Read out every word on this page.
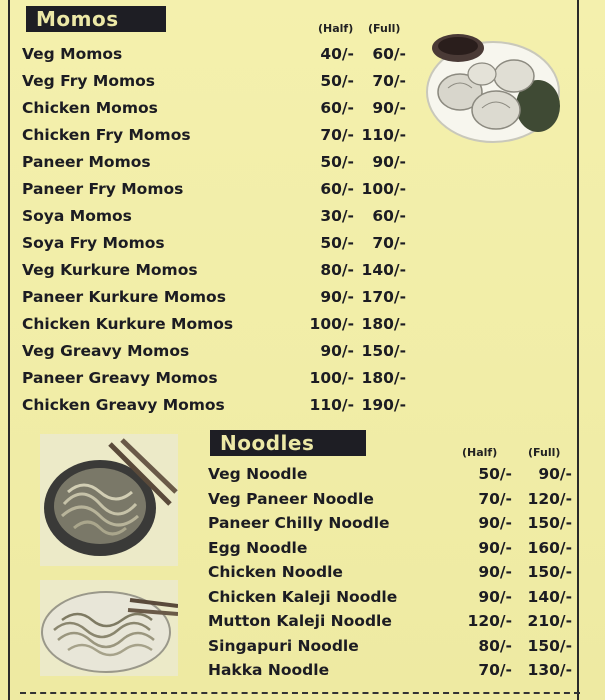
Momos	(Half) (Full)
Veg Momos	40/- 60/-
Veg Fry Momos	50/- 70/-
Chicken Momos	60/- 90/-
Chicken Fry Momos	70/- 110/-
Paneer Momos	50/- 90/-
Paneer Fry Momos	60/- 100/-
Soya Momos	30/- 60/-
Soya Fry Momos	50/- 70/-
Veg Kurkure Momos	80/- 140/-
Paneer Kurkure Momos	90/- 170/-
Chicken Kurkure Momos	100/- 180/-
Veg Greavy Momos	90/- 150/-
Paneer Greavy Momos	100/- 180/-
Chicken Greavy Momos	110/- 190/-
Noodles	(Half)	(Full)
Veg Noodle	50/- 90/-
Veg Paneer Noodle	70/- 120/-
Paneer Chilly Noodle	90/- 150/-
Egg Noodle	90/- 160/-
Chicken Noodle	90/- 150/-
Chicken Kaleji Noodle	90/- 140/-
Mutton Kaleji Noodle	120/- 210/-
Singapuri Noodle	80/- 150/-
Hakka Noodle	70/- 130/-
